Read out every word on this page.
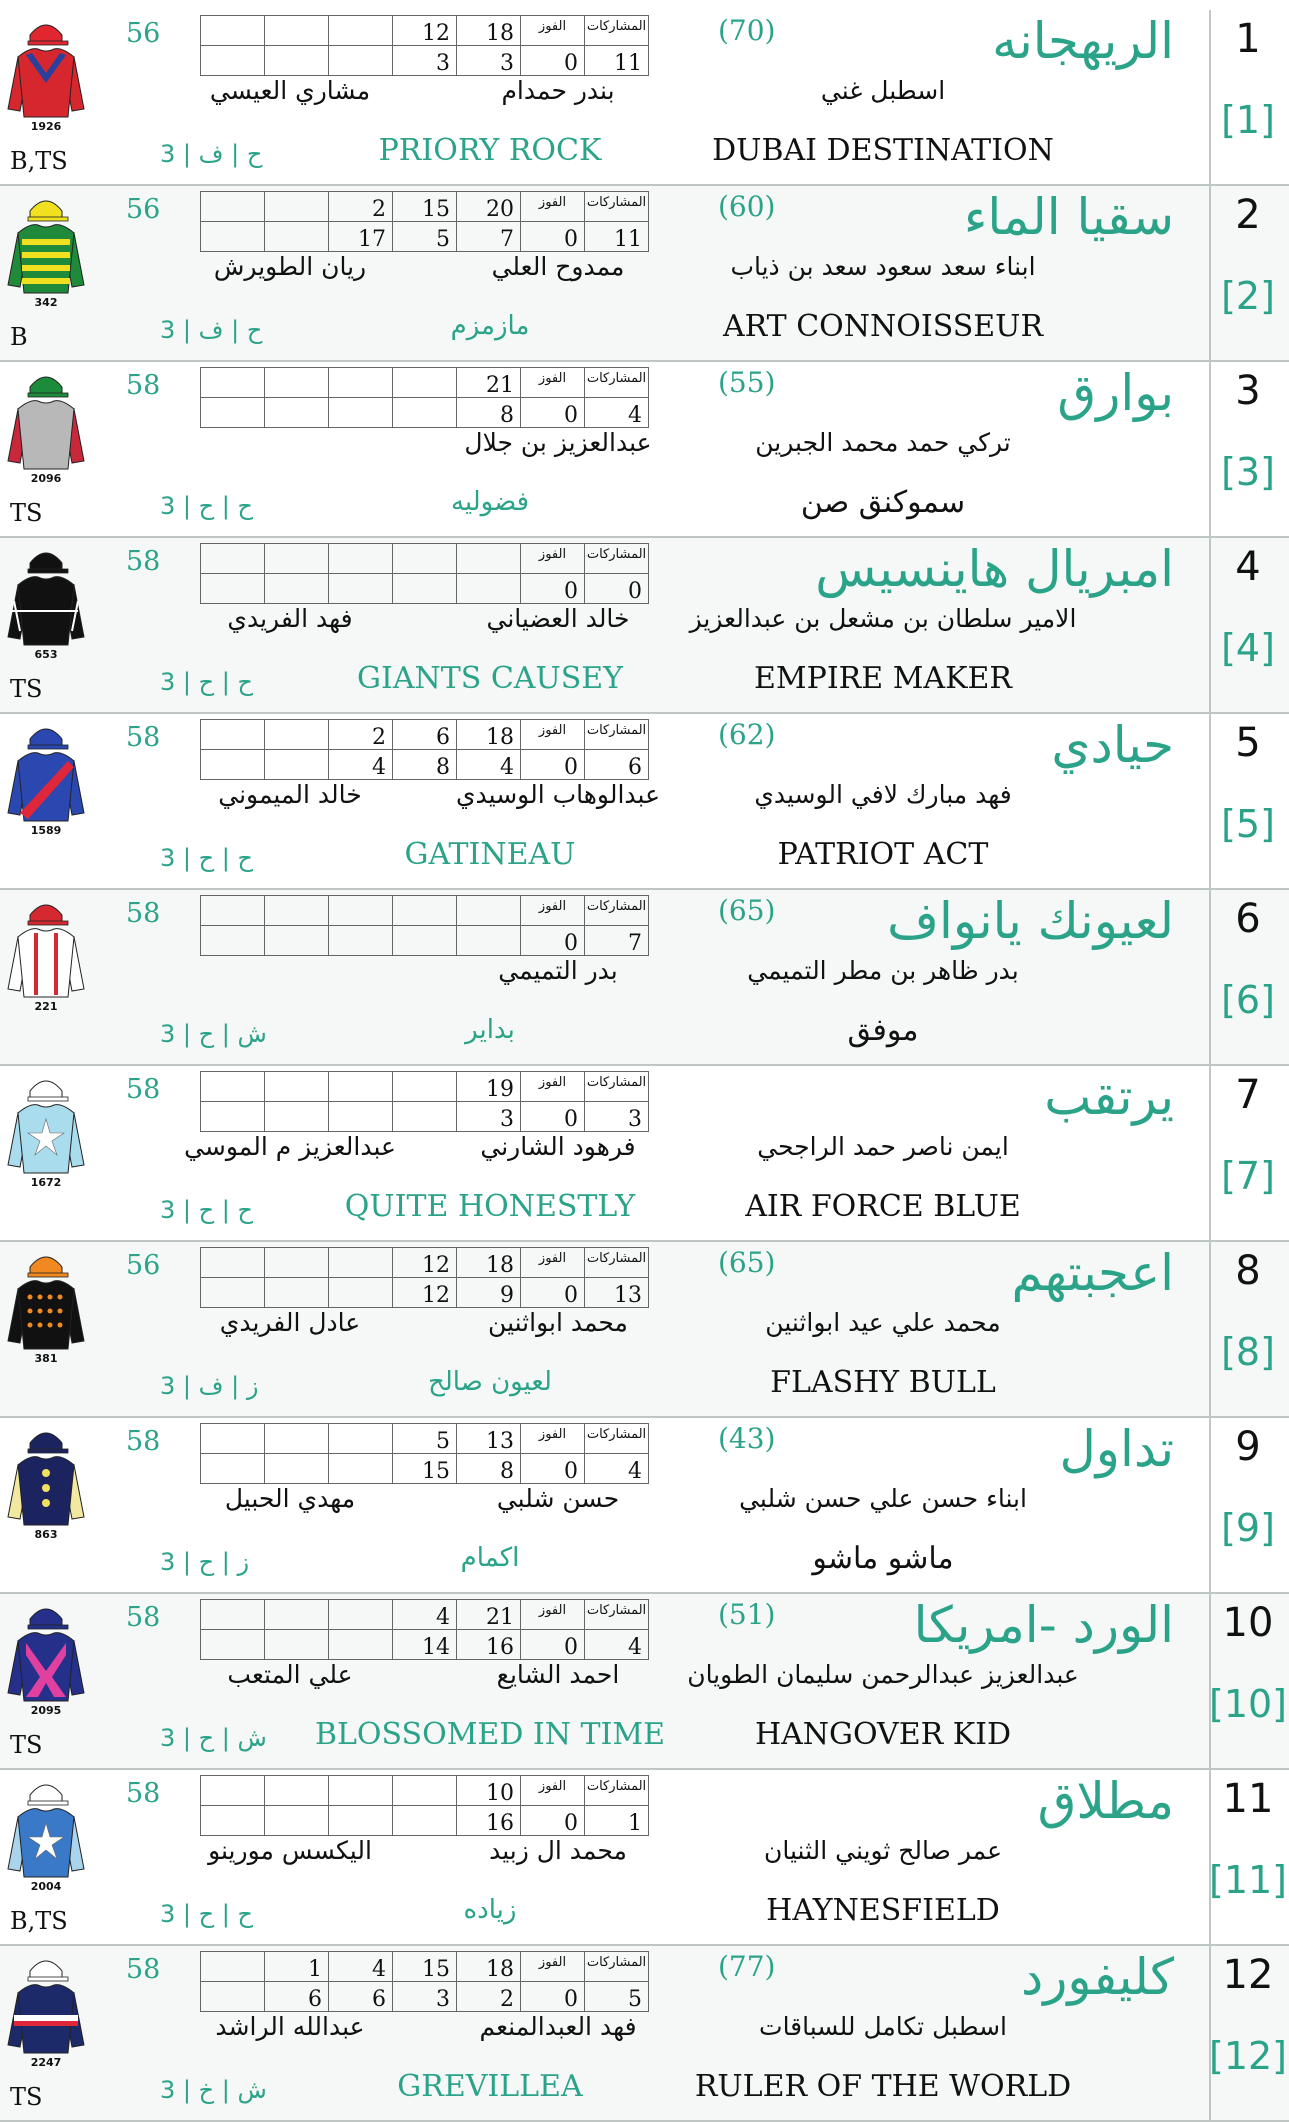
1
[1]
الريهجانه
(70)
اسطبل غني
DUBAI DESTINATION
			12	18	الفوز	المشاركات
			3	3	0	11
بندر حمدام
مشاري العيسي
PRIORY ROCK
3 | ح | ف
56
1926
B,TS
2
[2]
سقيا الماء
(60)
ابناء سعد سعود سعد بن ذياب
ART CONNOISSEUR
		2	15	20	الفوز	المشاركات
		17	5	7	0	11
ممدوح العلي
ريان الطويرش
مازمزم
3 | ح | ف
56
342
B
3
[3]
بوارق
(55)
تركي حمد محمد الجبرين
سموكنق صن
				21	الفوز	المشاركات
				8	0	4
عبدالعزيز بن جلال
فضوليه
3 | ح | ح
58
2096
TS
4
[4]
امبريال هاينسيس
الامير سلطان بن مشعل بن عبدالعزيز
EMPIRE MAKER
					الفوز	المشاركات
					0	0
خالد العضياني
فهد الفريدي
GIANTS CAUSEY
3 | ح | ح
58
653
TS
5
[5]
حيادي
(62)
فهد مبارك لافي الوسيدي
PATRIOT ACT
		2	6	18	الفوز	المشاركات
		4	8	4	0	6
عبدالوهاب الوسيدي
خالد الميموني
GATINEAU
3 | ح | ح
58
1589
6
[6]
لعيونك يانواف
(65)
بدر ظاهر بن مطر التميمي
موفق
					الفوز	المشاركات
					0	7
بدر التميمي
بداير
3 | ش | ح
58
221
7
[7]
يرتقب
ايمن ناصر حمد الراجحي
AIR FORCE BLUE
				19	الفوز	المشاركات
				3	0	3
فرهود الشارني
عبدالعزيز م الموسي
QUITE HONESTLY
3 | ح | ح
58
1672
8
[8]
اعجبتهم
(65)
محمد علي عيد ابواثنين
FLASHY BULL
			12	18	الفوز	المشاركات
			12	9	0	13
محمد ابواثنين
عادل الفريدي
لعيون صالح
3 | ز | ف
56
381
9
[9]
تداول
(43)
ابناء حسن علي حسن شلبي
ماشو ماشو
			5	13	الفوز	المشاركات
			15	8	0	4
حسن شلبي
مهدي الحبيل
اكمام
3 | ز | ح
58
863
10
[10]
الورد -امريكا
(51)
عبدالعزيز عبدالرحمن سليمان الطويان
HANGOVER KID
			4	21	الفوز	المشاركات
			14	16	0	4
احمد الشايع
علي المتعب
BLOSSOMED IN TIME
3 | ش | ح
58
2095
TS
11
[11]
مطلاق
عمر صالح ثويني الثنيان
HAYNESFIELD
				10	الفوز	المشاركات
				16	0	1
محمد ال زبيد
اليكسس مورينو
زياده
3 | ح | ح
58
2004
B,TS
12
[12]
كليفورد
(77)
اسطبل تكامل للسباقات
RULER OF THE WORLD
	1	4	15	18	الفوز	المشاركات
	6	6	3	2	0	5
فهد العبدالمنعم
عبدالله الراشد
GREVILLEA
3 | ش | خ
58
2247
TS
